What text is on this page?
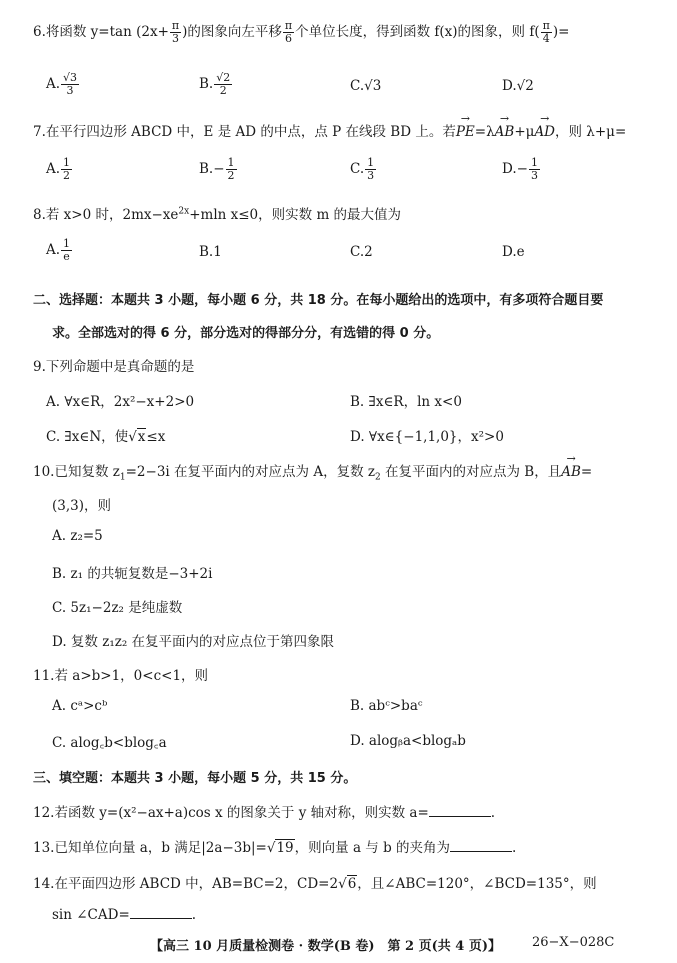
6.将函数 y=tan ($2x+ \frac{\pi}{3}$ )的图象向左平移 $\frac{\pi}{6}$ 个单位长度，得到函数 f(x)的图象，则 $f( \frac{\pi}{4}$ )=
A. $\frac{√3}{3}$	B. $\frac{√2}{2}$	C.√3	D.√2
7.在平行四边形 ABCD 中，E 是 AD 的中点，点 P 在线段 BD 上。若→ PE=λ→ AB+μ→ AD，则 λ+μ=
A. $\frac{1}{2}$	$B.- \frac{1}{2}$	C. $\frac{1}{3}$	$D.- \frac{1}{3}$
8.若 x>0 时，$2mx-xe^{2x}+mln$ x≤0，则实数 m 的最大值为
A. $\frac{1}{e}$	B.1	C.2	D.e
二、选择题：本题共 3 小题，每小题 6 分，共 18 分。在每小题给出的选项中，有多项符合题目要
求。全部选对的得 6 分，部分选对的得部分分，有选错的得 0 分。
9.下列命题中是真命题的是
A. ∀x∈R，2x²−x+2>0	B. ∃x∈R，ln x<0
C. ∃x∈N，使√x≤x	D. ∀x∈{−1,1,0}，x²>0
10.已知复数 $z_1=2-3i$ 在复平面内的对应点为 A，复数 $z_2$ 在复平面内的对应点为 B，且→ AB=
(3,3)，则
A. z₂=5
B. z₁ 的共轭复数是−3+2i
C. 5z₁−2z₂ 是纯虚数
D. 复数 z₁z₂ 在复平面内的对应点位于第四象限
11.若 a>b>1，0<c<1，则
A. cᵃ>cᵇ	B. abᶜ>baᶜ
C. alog꜀b<blog꜀a	D. alogᵦa<blogₐb
三、填空题：本题共 3 小题，每小题 5 分，共 15 分。
12.若函数 y=(x²−ax+a)cos x 的图象关于 y 轴对称，则实数 a=	.
13.已知单位向量 a，b 满足|2a−3b|=√19，则向量 a 与 b 的夹角为	.
14.在平面四边形 ABCD 中，AB=BC=2，CD=2√6，且∠ABC=120°，∠BCD=135°，则
sin ∠CAD=	.
【高三 10 月质量检测卷 · 数学(B 卷)　第 2 页(共 4 页)】 26−X−028C
